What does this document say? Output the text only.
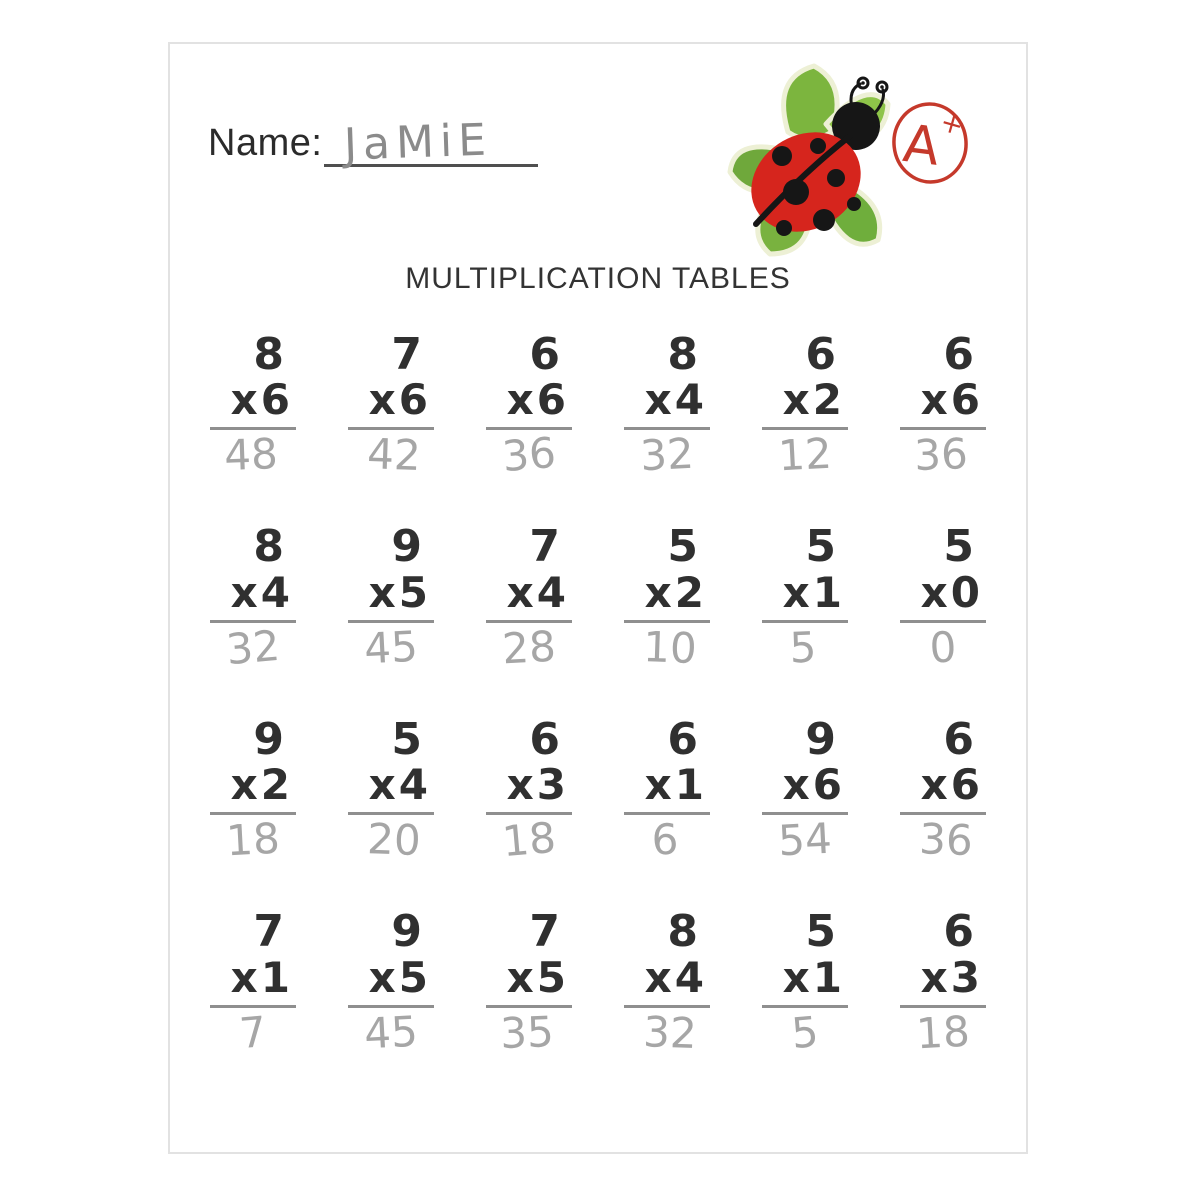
Name: JaMiE	A
+
MULTIPLICATION TABLES
8
x 6
48
7
x 6
42
6
x 6
36
8
x 4
32
6
x 2
12
6
x 6
36
8
x 4
32
9
x 5
45
7
x 4
28
5
x 2
10
5
x 1
5
5
x 0
0
9
x 2
18
5
x 4
20
6
x 3
18
6
x 1
6
9
x 6
54
6
x 6
36
7
x 1
7
9
x 5
45
7
x 5
35
8
x 4
32
5
x 1
5
6
x 3
18
